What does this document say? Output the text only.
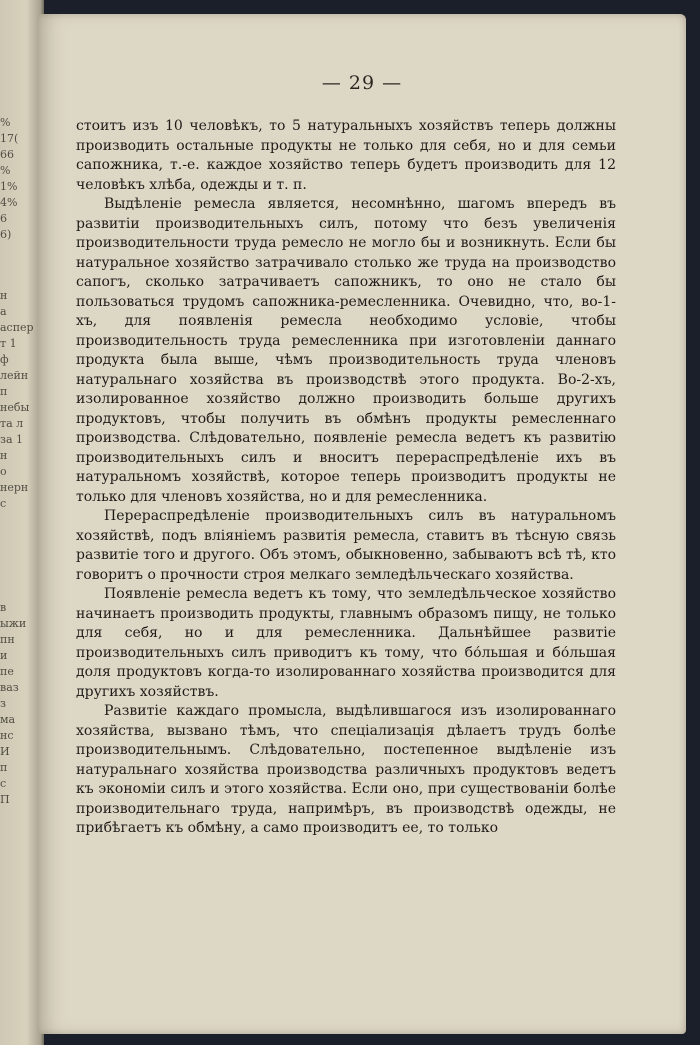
%
17(
66
%
1%
4%
6
6)
н
а
аспер
т 1
ф
лейн
п
небы
та л
за 1
н
о
нерн
с
в
ыжи
пн
и
пе
ваз
з
ма
нс
И
п
с
П
— 29 —

стоитъ изъ 10 человѣкъ, то 5 натуральныхъ хозяйствъ теперь должны производить остальные продукты не только для себя, но и для семьи сапожника, т.-е. каждое хозяйство теперь будетъ производить для 12 человѣкъ хлѣба, одежды и т. п.

Выдѣленіе ремесла является, несомнѣнно, шагомъ впередъ въ развитіи производительныхъ силъ, потому что безъ увеличенія производительности труда ремесло не могло бы и возникнуть. Если бы натуральное хозяйство затрачивало столько же труда на производство сапогъ, сколько затрачиваетъ сапожникъ, то оно не стало бы пользоваться трудомъ сапожника-ремесленника. Очевидно, что, во-1-хъ, для появленія ремесла необходимо условіе, чтобы производительность труда ремесленника при изготовленіи даннаго продукта была выше, чѣмъ производительность труда членовъ натуральнаго хозяйства въ производствѣ этого продукта. Во-2-хъ, изолированное хозяйство должно производить больше другихъ продуктовъ, чтобы получить въ обмѣнъ продукты ремесленнаго производства. Слѣдовательно, появленіе ремесла ведетъ къ развитію производительныхъ силъ и вноситъ перераспредѣленіе ихъ въ натуральномъ хозяйствѣ, которое теперь производитъ продукты не только для членовъ хозяйства, но и для ремесленника.

Перераспредѣленіе производительныхъ силъ въ натуральномъ хозяйствѣ, подъ вліяніемъ развитія ремесла, ставитъ въ тѣсную связь развитіе того и другого. Объ этомъ, обыкновенно, забываютъ всѣ тѣ, кто говоритъ о прочности строя мелкаго земледѣльческаго хозяйства.

Появленіе ремесла ведетъ къ тому, что земледѣльческое хозяйство начинаетъ производить продукты, главнымъ образомъ пищу, не только для себя, но и для ремесленника. Дальнѣйшее развитіе производительныхъ силъ приводитъ къ тому, что бо́льшая и бо́льшая доля продуктовъ когда-то изолированнаго хозяйства производится для другихъ хозяйствъ.

Развитіе каждаго промысла, выдѣлившагося изъ изолированнаго хозяйства, вызвано тѣмъ, что спеціализація дѣлаетъ трудъ болѣе производительнымъ. Слѣдовательно, постепенное выдѣленіе изъ натуральнаго хозяйства производства различныхъ продуктовъ ведетъ къ экономіи силъ и этого хозяйства. Если оно, при существованіи болѣе производительнаго труда, напримѣръ, въ производствѣ одежды, не прибѣгаетъ къ обмѣну, а само производитъ ее, то только
